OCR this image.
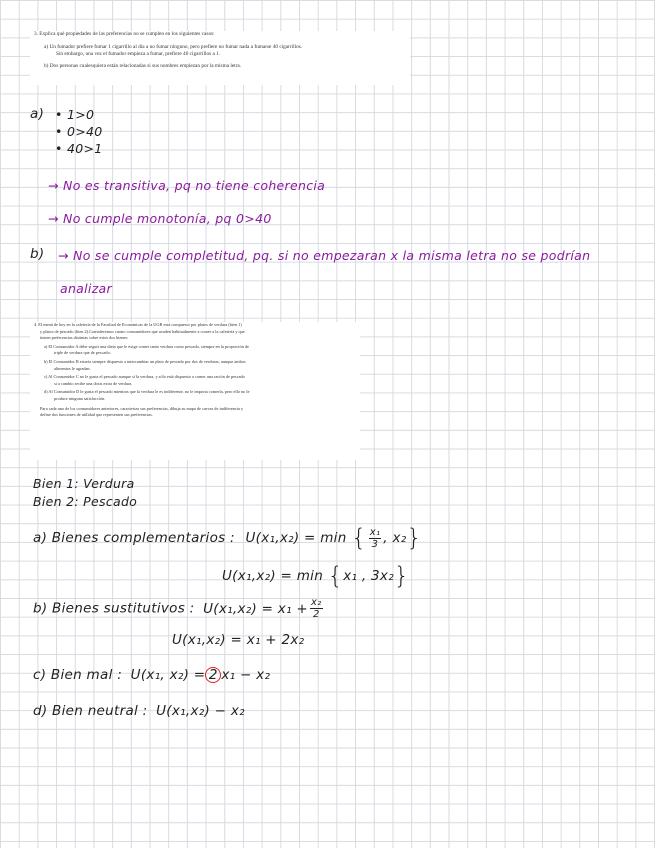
3. Explica qué propiedades de las preferencias no se cumplen en los siguientes casos:

a) Un fumador prefiere fumar 1 cigarrillo al día a no fumar ninguno, pero prefiere no fumar nada a fumarse 40 cigarrillos.

Sin embargo, una vez el fumador empieza a fumar, prefiere 40 cigarrillos a 1.

b) Dos personas cualesquiera están relacionadas si sus nombres empiezan por la misma letra.

a) • 1>0
• 0>40
• 40>1
→ No es transitiva, pq no tiene coherencia
→ No cumple monotonía, pq 0>40
b) → No se cumple completitud, pq. si no empezaran x la misma letra no se podrían
analizar

4. El menú de hoy en la cafetería de la Facultad de Económicas de la UGR está compuesto por platos de verdura (bien 1)

y platos de pescado (bien 2).Consideremos cuatro consumidores que acuden habitualmente a comer a la cafetería y que

tienen preferencias distintas sobre estos dos bienes:

a) El Consumidor A debe seguir una dieta que le exige comer tanto verdura como pescado, siempre en la proporción de

triple de verdura que de pescado.

b) El Consumidor B estaría siempre dispuesto a intercambiar un plato de pescado por dos de verduras, aunque ambos

alimentos le agradan.

c) Al Consumidor C no le gusta el pescado aunque sí la verdura, y sólo está dispuesto a comer una ración de pescado

si a cambio recibe una dosis extra de verdura.

d) Al Consumidor D le gusta el pescado mientras que la verdura le es indiferente, no le importa comerla, pero ello no le

produce ninguna satisfacción.

Para cada uno de los consumidores anteriores, caracteriza sus preferencias, dibuja su mapa de curvas de indiferencia y

define dos funciones de utilidad que representen sus preferencias.

Bien 1: Verdura
Bien 2: Pescado
a) Bienes complementarios : U(x₁,x₂) = min { $\frac{\text{x₁}}{3}$ , x₂}
U(x₁,x₂) = min {x₁ , 3x₂}
b) Bienes sustitutivos : $U(x_1,x_2) = x_1 + \frac{\text{x₂}}{2}$
U(x₁,x₂) = x₁ + 2x₂
c) Bien mal : U(x₁, x₂) = 2 x₁ − x₂
d) Bien neutral : U(x₁,x₂) − x₂
